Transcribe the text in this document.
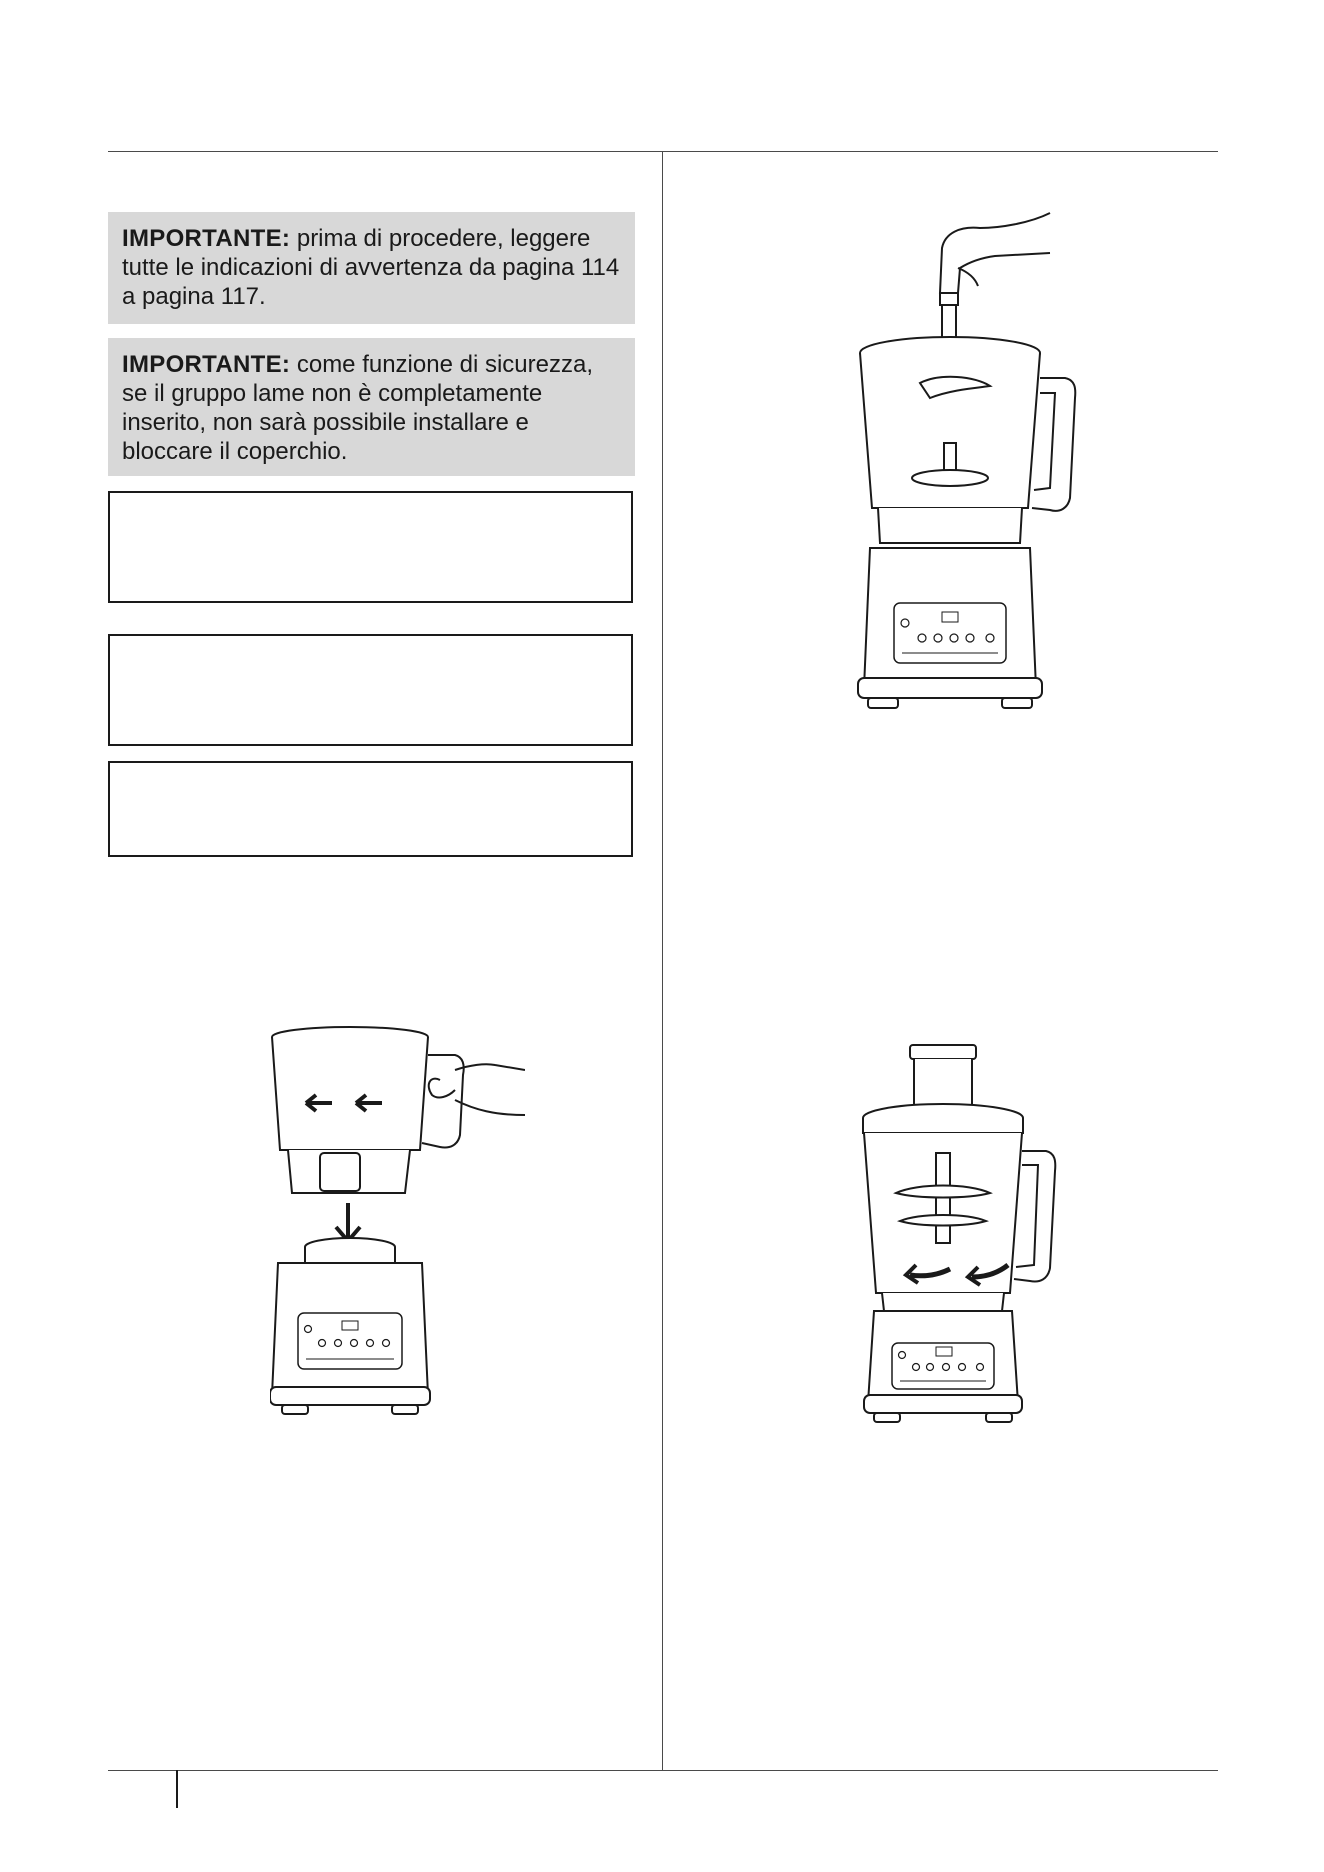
IMPORTANTE: prima di procedere, leggere tutte le indicazioni di avvertenza da pagina 114 a pagina 117.
IMPORTANTE: come funzione di sicurezza, se il gruppo lame non è completamente inserito, non sarà possibile installare e bloccare il coperchio.
